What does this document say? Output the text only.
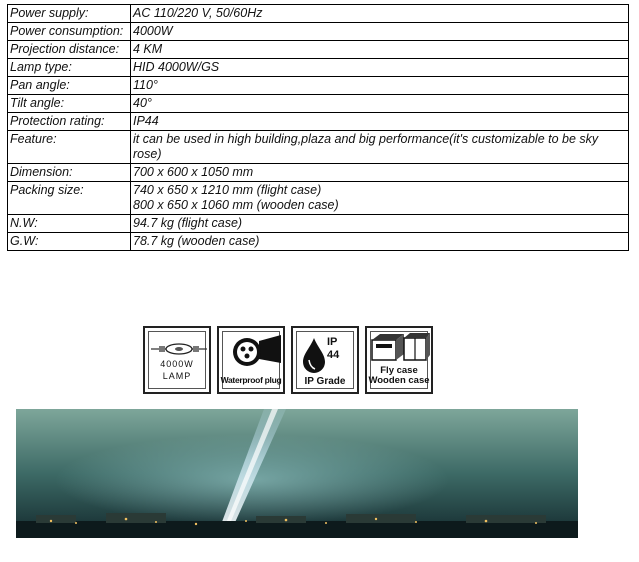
Power supply:	AC 110/220 V, 50/60Hz

Power consumption:	4000W

Projection distance:	4 KM

Lamp type:	HID 4000W/GS

Pan angle:	110°

Tilt angle:	40°

Protection rating:	IP44

Feature:	it can be used in high building,plaza and big performance(it's customizable to be sky rose)

Dimension:	700 x 600 x 1050 mm

Packing size:	740 x 650 x 1210 mm (flight case)
800 x 650 x 1060 mm (wooden case)

N.W:	94.7 kg (flight case)

G.W:	78.7 kg (wooden case)
4000W
LAMP	Waterproof plug
IP
44
IP Grade
Fly case
Wooden case
